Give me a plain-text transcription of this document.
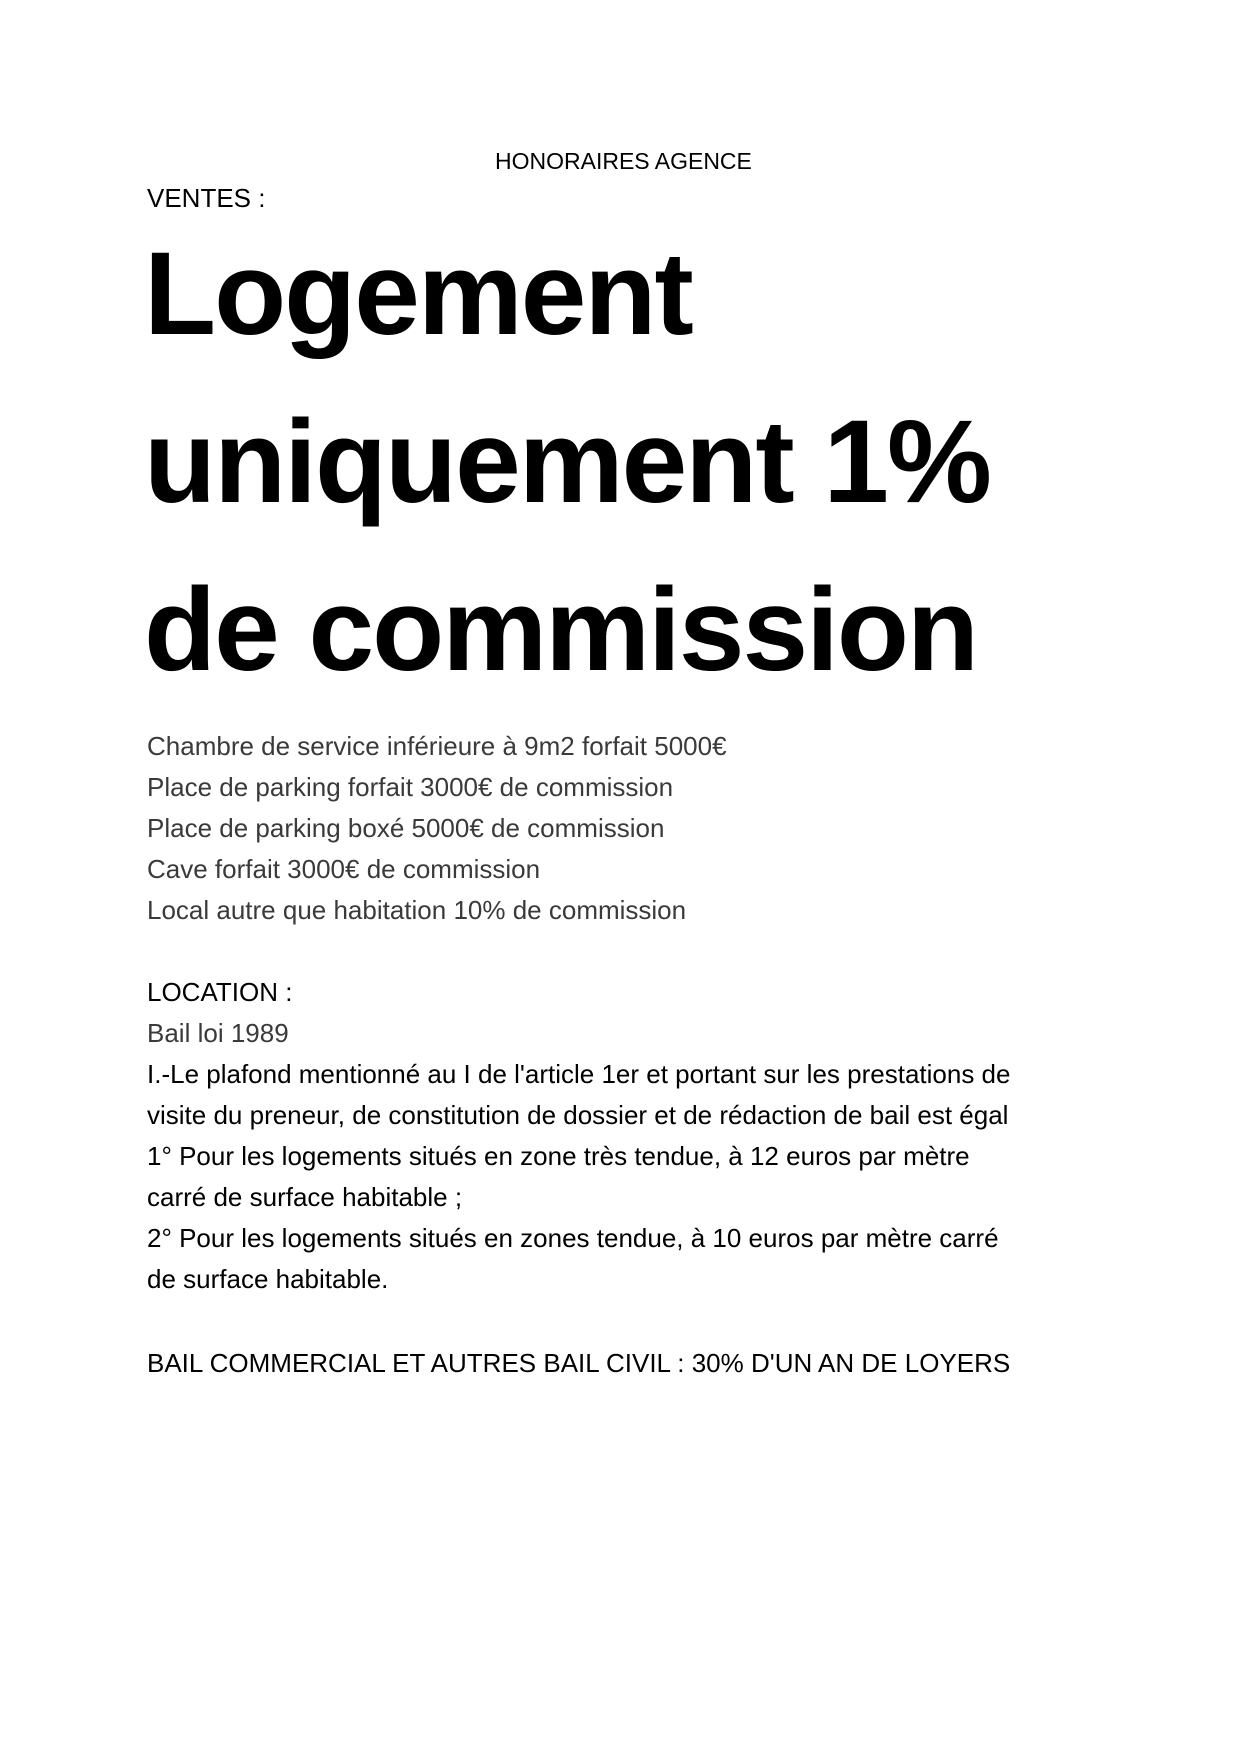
HONORAIRES AGENCE
VENTES :
Logement
uniquement 1%
de commission
Chambre de service inférieure à 9m2 forfait 5000€
Place de parking forfait 3000€ de commission
Place de parking boxé 5000€ de commission
Cave forfait 3000€ de commission
Local autre que habitation 10% de commission
LOCATION :
Bail loi 1989
I.-Le plafond mentionné au I de l'article 1er et portant sur les prestations de
visite du preneur, de constitution de dossier et de rédaction de bail est égal
1° Pour les logements situés en zone très tendue, à 12 euros par mètre
carré de surface habitable ;
2° Pour les logements situés en zones tendue, à 10 euros par mètre carré
de surface habitable.
BAIL COMMERCIAL ET AUTRES BAIL CIVIL : 30% D'UN AN DE LOYERS
